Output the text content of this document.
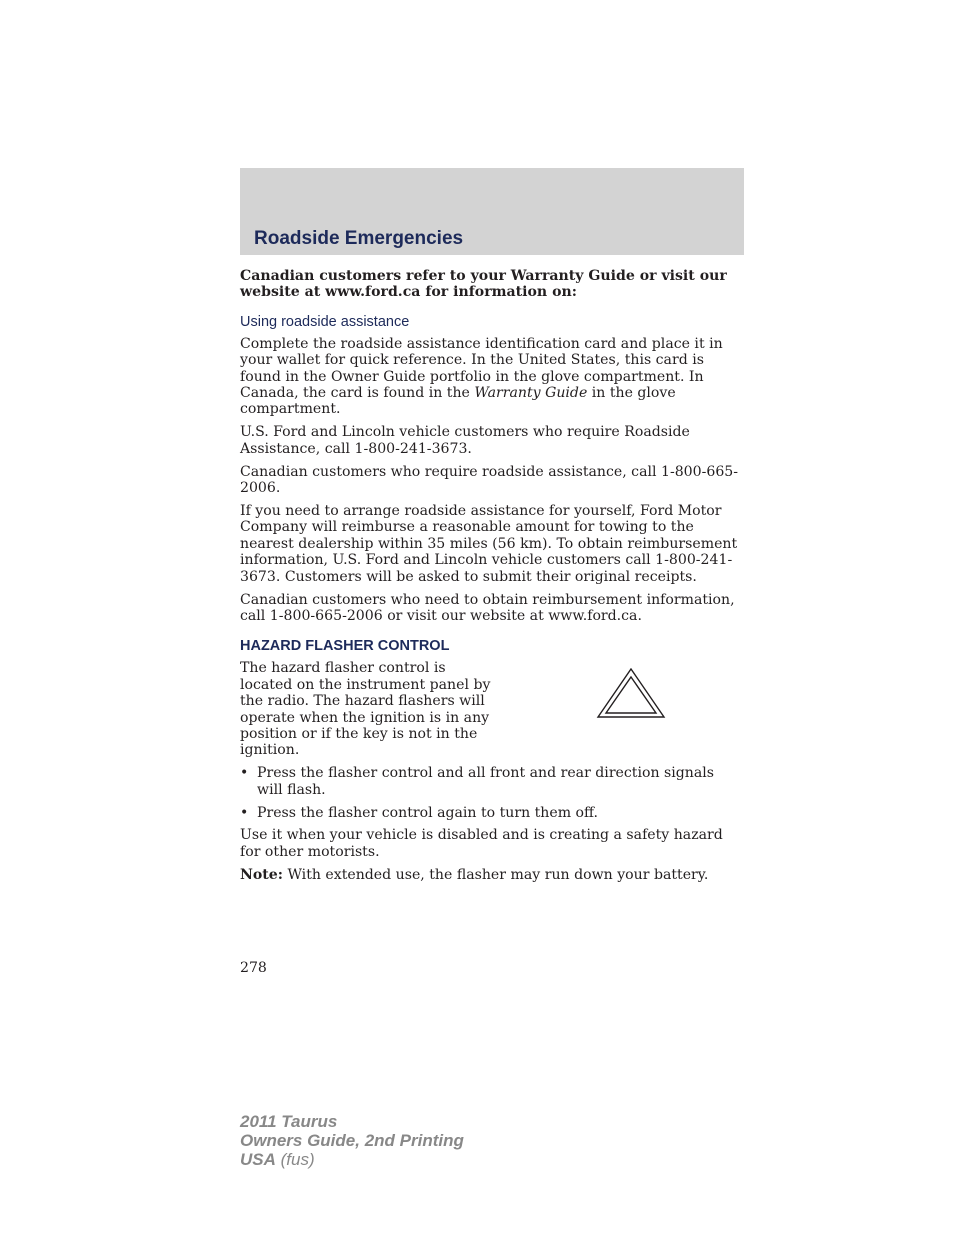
Roadside Emergencies

Canadian customers refer to your Warranty Guide or visit our website at www.ford.ca for information on:

Using roadside assistance

Complete the roadside assistance identification card and place it in your wallet for quick reference. In the United States, this card is found in the Owner Guide portfolio in the glove compartment. In Canada, the card is found in the Warranty Guide in the glove compartment.

U.S. Ford and Lincoln vehicle customers who require Roadside Assistance, call 1-800-241-3673.

Canadian customers who require roadside assistance, call 1-800-665-2006.

If you need to arrange roadside assistance for yourself, Ford Motor Company will reimburse a reasonable amount for towing to the nearest dealership within 35 miles (56 km). To obtain reimbursement information, U.S. Ford and Lincoln vehicle customers call 1-800-241-3673. Customers will be asked to submit their original receipts.

Canadian customers who need to obtain reimbursement information, call 1-800-665-2006 or visit our website at www.ford.ca.

HAZARD FLASHER CONTROL

The hazard flasher control is located on the instrument panel by the radio. The hazard flashers will operate when the ignition is in any position or if the key is not in the ignition.

• Press the flasher control and all front and rear direction signals will flash.
• Press the flasher control again to turn them off.

Use it when your vehicle is disabled and is creating a safety hazard for other motorists.

Note: With extended use, the flasher may run down your battery.

278
2011 Taurus
Owners Guide, 2nd Printing
USA (fus)
